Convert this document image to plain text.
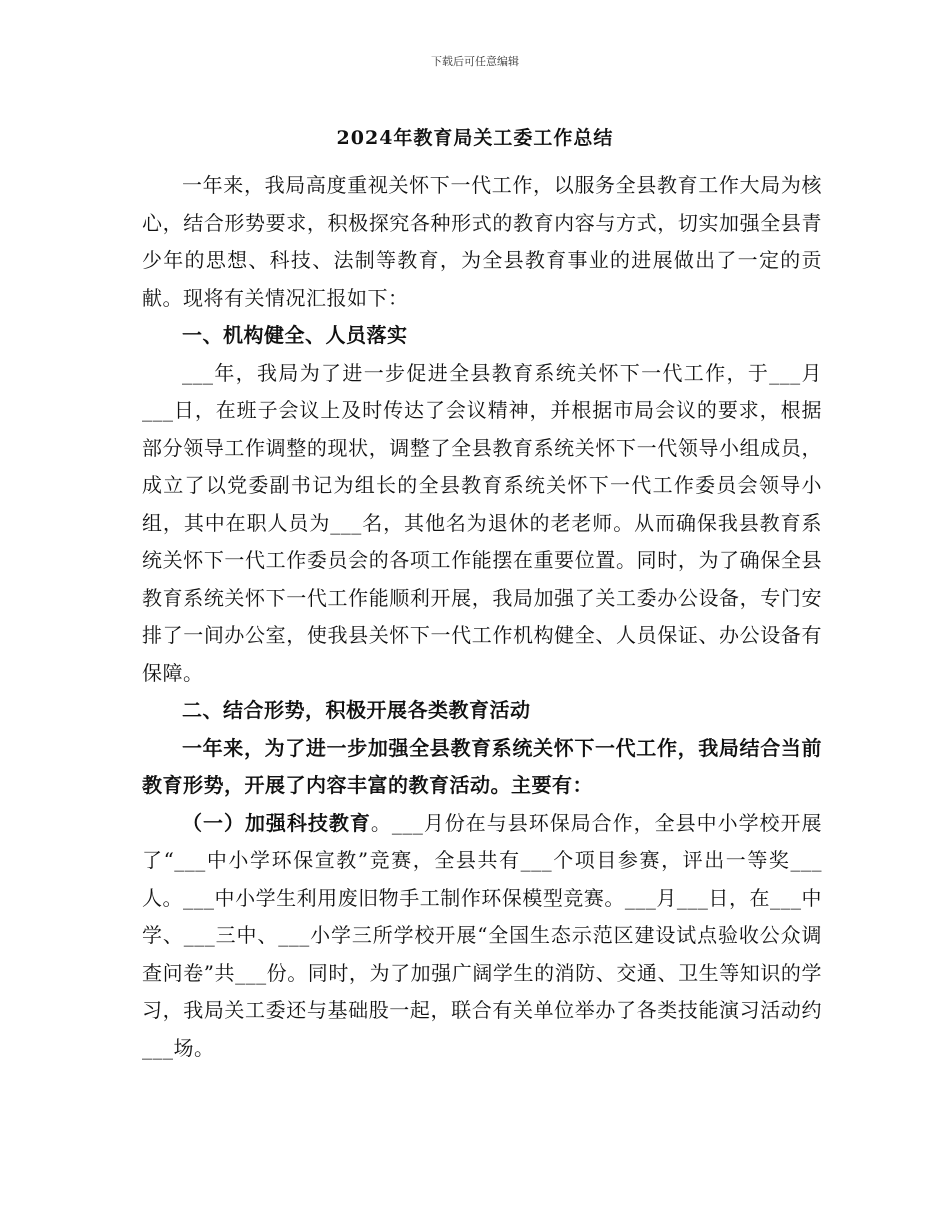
下载后可任意编辑
2024年教育局关工委工作总结

一年来，我局高度重视关怀下一代工作，以服务全县教育工作大局为核心，结合形势要求，积极探究各种形式的教育内容与方式，切实加强全县青少年的思想、科技、法制等教育，为全县教育事业的进展做出了一定的贡献。现将有关情况汇报如下：

一、机构健全、人员落实

___年，我局为了进一步促进全县教育系统关怀下一代工作，于___月___日，在班子会议上及时传达了会议精神，并根据市局会议的要求，根据部分领导工作调整的现状，调整了全县教育系统关怀下一代领导小组成员，成立了以党委副书记为组长的全县教育系统关怀下一代工作委员会领导小组，其中在职人员为___名，其他名为退休的老老师。从而确保我县教育系统关怀下一代工作委员会的各项工作能摆在重要位置。同时，为了确保全县教育系统关怀下一代工作能顺利开展，我局加强了关工委办公设备，专门安排了一间办公室，使我县关怀下一代工作机构健全、人员保证、办公设备有保障。

二、结合形势，积极开展各类教育活动

一年来，为了进一步加强全县教育系统关怀下一代工作，我局结合当前教育形势，开展了内容丰富的教育活动。主要有：

（一）加强科技教育。___月份在与县环保局合作，全县中小学校开展了“___中小学环保宣教”竞赛，全县共有___个项目参赛，评出一等奖___人。___中小学生利用废旧物手工制作环保模型竞赛。___月___日，在___中学、___三中、___小学三所学校开展“全国生态示范区建设试点验收公众调查问卷”共___份。同时，为了加强广阔学生的消防、交通、卫生等知识的学习，我局关工委还与基础股一起，联合有关单位举办了各类技能演习活动约___场。
